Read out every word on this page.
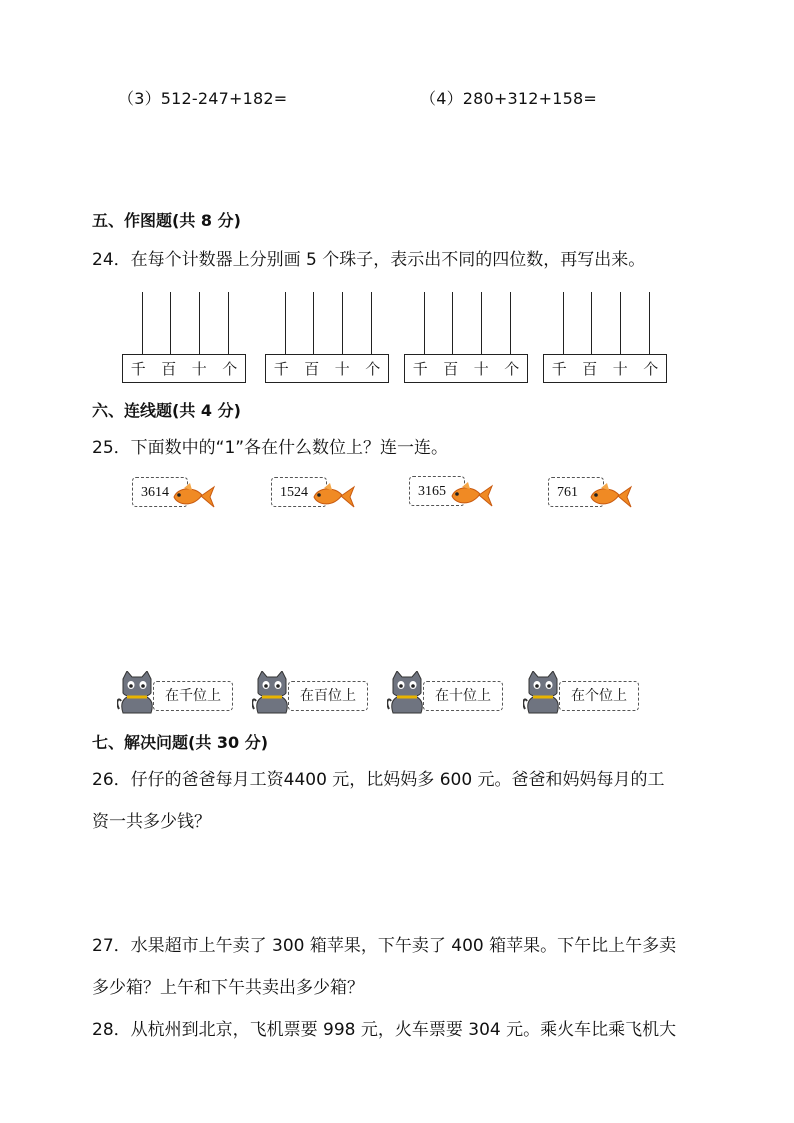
（3）512-247+182=	（4）280+312+158=
五、作图题(共 8 分)
24．在每个计数器上分别画 5 个珠子，表示出不同的四位数，再写出来。
千 百 十 个 千 百 十 个 千 百 十 个 千 百 十 个
六、连线题(共 4 分)
25．下面数中的“1”各在什么数位上？连一连。
3614	1524	3165	761
在千位上	在百位上	在十位上	在个位上
七、解决问题(共 30 分)
26．仔仔的爸爸每月工资4400 元，比妈妈多 600 元。爸爸和妈妈每月的工
资一共多少钱？
27．水果超市上午卖了 300 箱苹果，下午卖了 400 箱苹果。下午比上午多卖
多少箱？上午和下午共卖出多少箱？
28．从杭州到北京，飞机票要 998 元，火车票要 304 元。乘火车比乘飞机大
